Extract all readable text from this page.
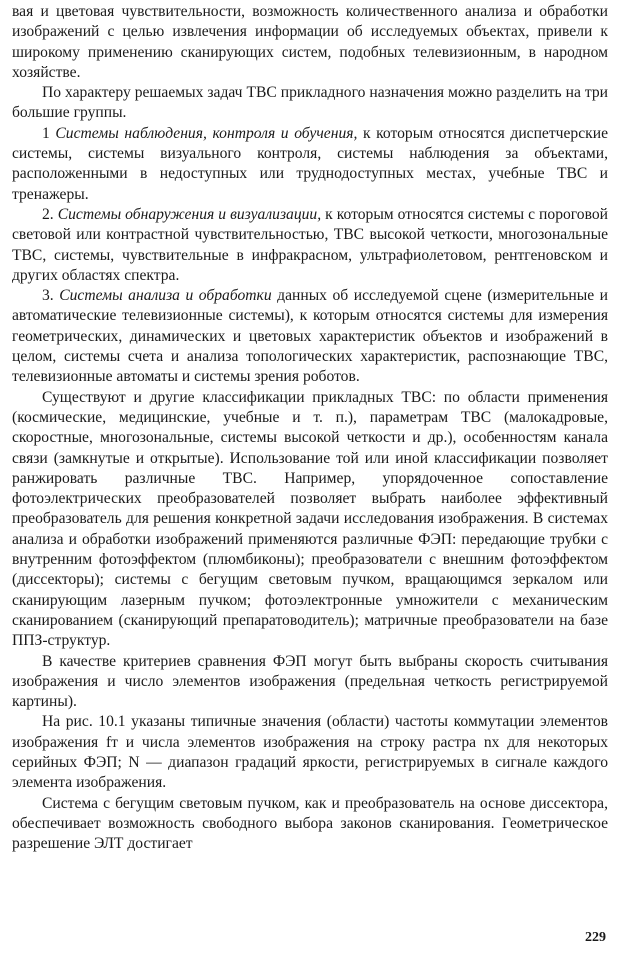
вая и цветовая чувствительности, возможность количественного анализа и обработки изображений с целью извлечения информации об исследуемых объектах, привели к широкому применению сканирующих систем, подобных телевизионным, в народном хозяйстве.

По характеру решаемых задач ТВС прикладного назначения можно разделить на три большие группы.

1 Системы наблюдения, контроля и обучения, к которым относятся диспетчерские системы, системы визуального контроля, системы наблюдения за объектами, расположенными в недоступных или труднодоступных местах, учебные ТВС и тренажеры.

2. Системы обнаружения и визуализации, к которым относятся системы с пороговой световой или контрастной чувствительностью, ТВС высокой четкости, многозональные ТВС, системы, чувствительные в инфракрасном, ультрафиолетовом, рентгеновском и других областях спектра.

3. Системы анализа и обработки данных об исследуемой сцене (измерительные и автоматические телевизионные системы), к которым относятся системы для измерения геометрических, динамических и цветовых характеристик объектов и изображений в целом, системы счета и анализа топологических характеристик, распознающие ТВС, телевизионные автоматы и системы зрения роботов.

Существуют и другие классификации прикладных ТВС: по области применения (космические, медицинские, учебные и т. п.), параметрам ТВС (малокадровые, скоростные, многозональные, системы высокой четкости и др.), особенностям канала связи (замкнутые и открытые). Использование той или иной классификации позволяет ранжировать различные ТВС. Например, упорядоченное сопоставление фотоэлектрических преобразователей позволяет выбрать наиболее эффективный преобразователь для решения конкретной задачи исследования изображения. В системах анализа и обработки изображений применяются различные ФЭП: передающие трубки с внутренним фотоэффектом (плюмбиконы); преобразователи с внешним фотоэффектом (диссекторы); системы с бегущим световым пучком, вращающимся зеркалом или сканирующим лазерным пучком; фотоэлектронные умножители с механическим сканированием (сканирующий препаратоводитель); матричные преобразователи на базе ППЗ-структур.

В качестве критериев сравнения ФЭП могут быть выбраны скорость считывания изображения и число элементов изображения (предельная четкость регистрируемой картины).

На рис. 10.1 указаны типичные значения (области) частоты коммутации элементов изображения fт и числа элементов изображения на строку растра nх для некоторых серийных ФЭП; N — диапазон градаций яркости, регистрируемых в сигнале каждого элемента изображения.

Система с бегущим световым пучком, как и преобразователь на основе диссектора, обеспечивает возможность свободного выбора законов сканирования. Геометрическое разрешение ЭЛТ достигает

229
